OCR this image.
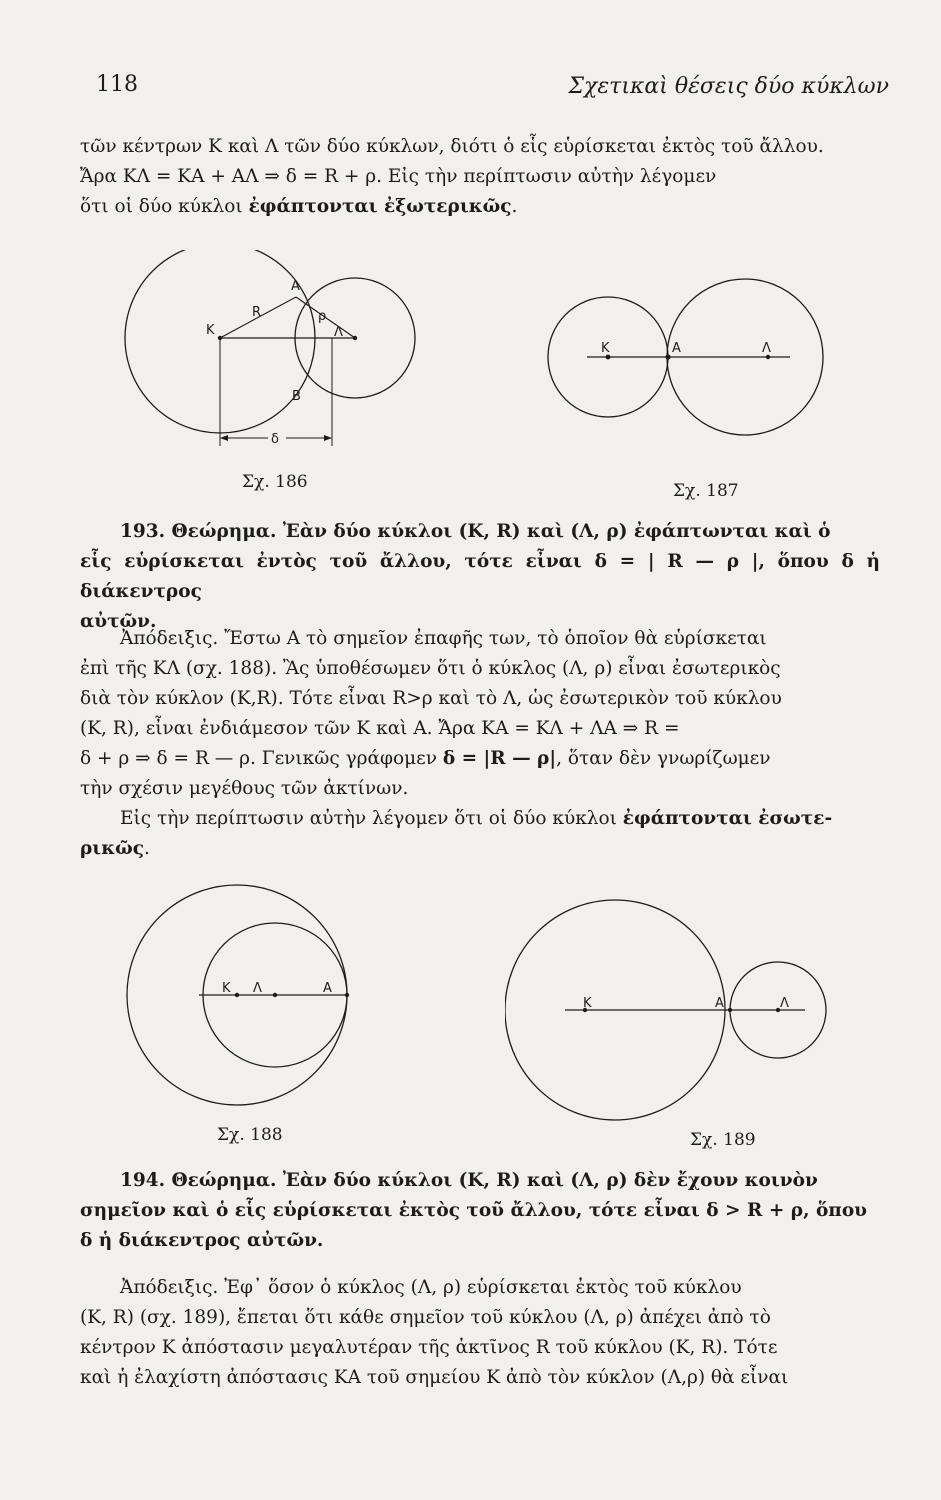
118	Σχετικαὶ θέσεις δύο κύκλων

τῶν κέντρων Κ καὶ Λ τῶν δύο κύκλων, διότι ὁ εἷς εὑρίσκεται ἐκτὸς τοῦ ἄλλου.

Ἄρα ΚΛ = ΚΑ + ΑΛ ⇒ δ = R + ρ. Εἰς τὴν περίπτωσιν αὐτὴν λέγομεν

ὅτι οἱ δύο κύκλοι ἐφάπτονται ἐξωτερικῶς.

K
R
A
ρ
Λ
B
δ
Σχ. 186
K	A	Λ
Σχ. 187

193. Θεώρημα. Ἐὰν δύο κύκλοι (Κ, R) καὶ (Λ, ρ) ἐφάπτωνται καὶ ὁ

εἷς εὑρίσκεται ἐντὸς τοῦ ἄλλου, τότε εἶναι δ = | R — ρ |, ὅπου δ ἡ διάκεντρος

αὐτῶν.

Ἀπόδειξις. Ἔστω Α τὸ σημεῖον ἐπαφῆς των, τὸ ὁποῖον θὰ εὑρίσκεται

ἐπὶ τῆς ΚΛ (σχ. 188). Ἂς ὑποθέσωμεν ὅτι ὁ κύκλος (Λ, ρ) εἶναι ἐσωτερικὸς

διὰ τὸν κύκλον (Κ,R). Τότε εἶναι R>ρ καὶ τὸ Λ, ὡς ἐσωτερικὸν τοῦ κύκλου

(Κ, R), εἶναι ἐνδιάμεσον τῶν Κ καὶ Α. Ἄρα ΚΑ = ΚΛ + ΛΑ ⇒ R =

δ + ρ ⇒ δ = R — ρ. Γενικῶς γράφομεν δ = |R — ρ|, ὅταν δὲν γνωρίζωμεν

τὴν σχέσιν μεγέθους τῶν ἀκτίνων.

Εἰς τὴν περίπτωσιν αὐτὴν λέγομεν ὅτι οἱ δύο κύκλοι ἐφάπτονται ἐσωτε-

ρικῶς.

K Λ	A
Σχ. 188
K	A	Λ
Σχ. 189

194. Θεώρημα. Ἐὰν δύο κύκλοι (Κ, R) καὶ (Λ, ρ) δὲν ἔχουν κοινὸν

σημεῖον καὶ ὁ εἷς εὑρίσκεται ἐκτὸς τοῦ ἄλλου, τότε εἶναι δ > R + ρ, ὅπου

δ ἡ διάκεντρος αὐτῶν.

Ἀπόδειξις. Ἐφ᾽ ὅσον ὁ κύκλος (Λ, ρ) εὑρίσκεται ἐκτὸς τοῦ κύκλου

(Κ, R) (σχ. 189), ἔπεται ὅτι κάθε σημεῖον τοῦ κύκλου (Λ, ρ) ἀπέχει ἀπὸ τὸ

κέντρον Κ ἀπόστασιν μεγαλυτέραν τῆς ἀκτῖνος R τοῦ κύκλου (Κ, R). Τότε

καὶ ἡ ἐλαχίστη ἀπόστασις ΚΑ τοῦ σημείου Κ ἀπὸ τὸν κύκλον (Λ,ρ) θὰ εἶναι
